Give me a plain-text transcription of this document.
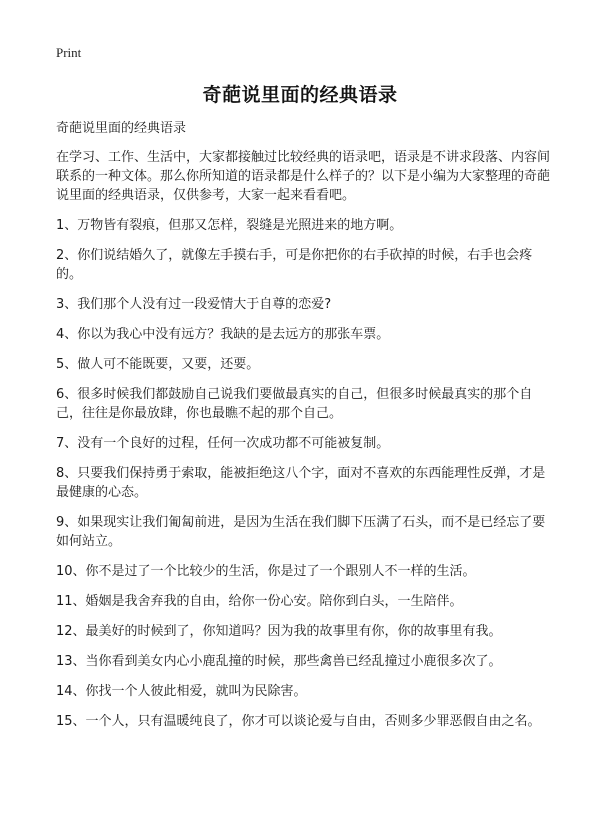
Print
奇葩说里面的经典语录

奇葩说里面的经典语录

在学习、工作、生活中，大家都接触过比较经典的语录吧，语录是不讲求段落、内容间联系的一种文体。那么你所知道的语录都是什么样子的？以下是小编为大家整理的奇葩说里面的经典语录，仅供参考，大家一起来看看吧。

1、万物皆有裂痕，但那又怎样，裂缝是光照进来的地方啊。

2、你们说结婚久了，就像左手摸右手，可是你把你的右手砍掉的时候，右手也会疼的。

3、我们那个人没有过一段爱情大于自尊的恋爱?

4、你以为我心中没有远方？我缺的是去远方的那张车票。

5、做人可不能既要，又要，还要。

6、很多时候我们都鼓励自己说我们要做最真实的自己，但很多时候最真实的那个自己，往往是你最放肆，你也最瞧不起的那个自己。

7、没有一个良好的过程，任何一次成功都不可能被复制。

8、只要我们保持勇于索取，能被拒绝这八个字，面对不喜欢的东西能理性反弹，才是最健康的心态。

9、如果现实让我们匍匐前进，是因为生活在我们脚下压满了石头，而不是已经忘了要如何站立。

10、你不是过了一个比较少的生活，你是过了一个跟别人不一样的生活。

11、婚姻是我舍弃我的自由，给你一份心安。陪你到白头，一生陪伴。

12、最美好的时候到了，你知道吗？因为我的故事里有你，你的故事里有我。

13、当你看到美女内心小鹿乱撞的时候，那些禽兽已经乱撞过小鹿很多次了。

14、你找一个人彼此相爱，就叫为民除害。

15、一个人，只有温暖纯良了，你才可以谈论爱与自由，否则多少罪恶假自由之名。
